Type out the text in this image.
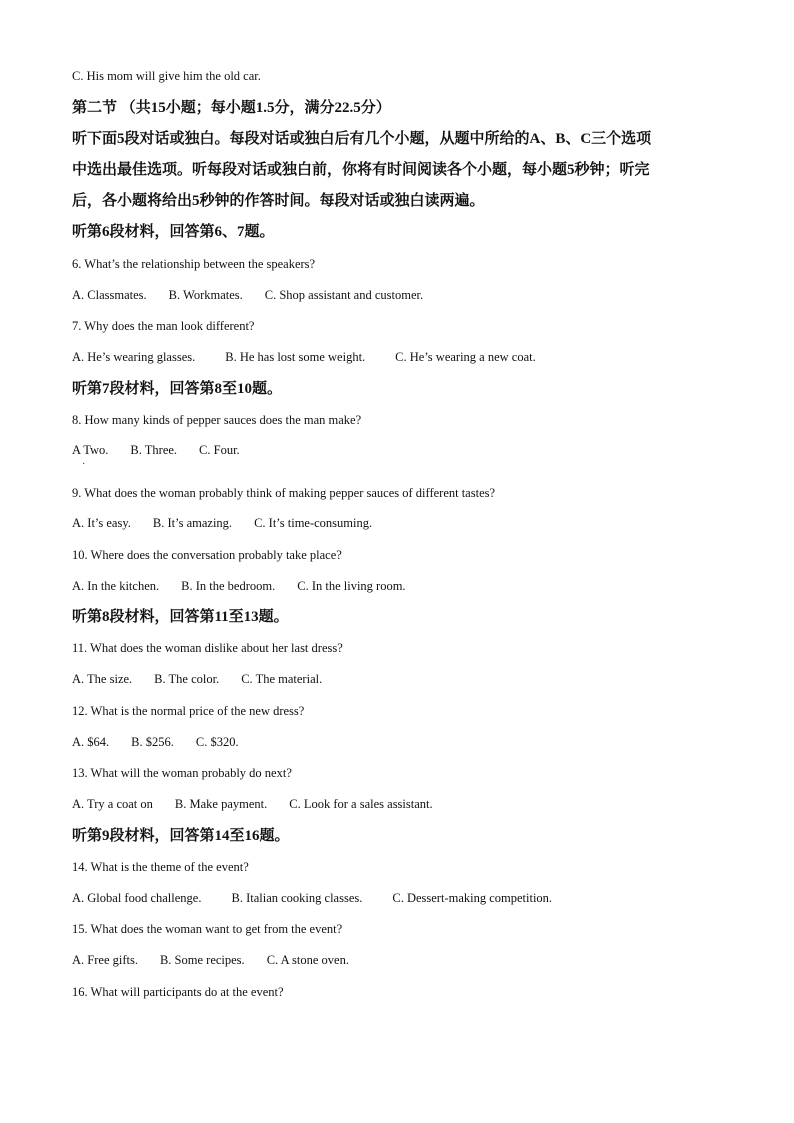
C. His mom will give him the old car.
第二节 （共15小题；每小题1.5分，满分22.5分）
听下面5段对话或独白。每段对话或独白后有几个小题，从题中所给的A、B、C三个选项
中选出最佳选项。听每段对话或独白前，你将有时间阅读各个小题，每小题5秒钟；听完
后，各小题将给出5秒钟的作答时间。每段对话或独白读两遍。
听第6段材料，回答第6、7题。
6. What’s the relationship between the speakers?
A. Classmates. B. Workmates. C. Shop assistant and customer.
7. Why does the man look different?
A. He’s wearing glasses. B. He has lost some weight. C. He’s wearing a new coat.
听第7段材料，回答第8至10题。
8. How many kinds of pepper sauces does the man make?
A Two. B. Three. C. Four.
·
9. What does the woman probably think of making pepper sauces of different tastes?
A. It’s easy. B. It’s amazing. C. It’s time-consuming.
10. Where does the conversation probably take place?
A. In the kitchen. B. In the bedroom. C. In the living room.
听第8段材料，回答第11至13题。
11. What does the woman dislike about her last dress?
A. The size. B. The color. C. The material.
12. What is the normal price of the new dress?
A. $64. B. $256. C. $320.
13. What will the woman probably do next?
A. Try a coat on B. Make payment. C. Look for a sales assistant.
听第9段材料，回答第14至16题。
14. What is the theme of the event?
A. Global food challenge. B. Italian cooking classes. C. Dessert-making competition.
15. What does the woman want to get from the event?
A. Free gifts. B. Some recipes. C. A stone oven.
16. What will participants do at the event?
